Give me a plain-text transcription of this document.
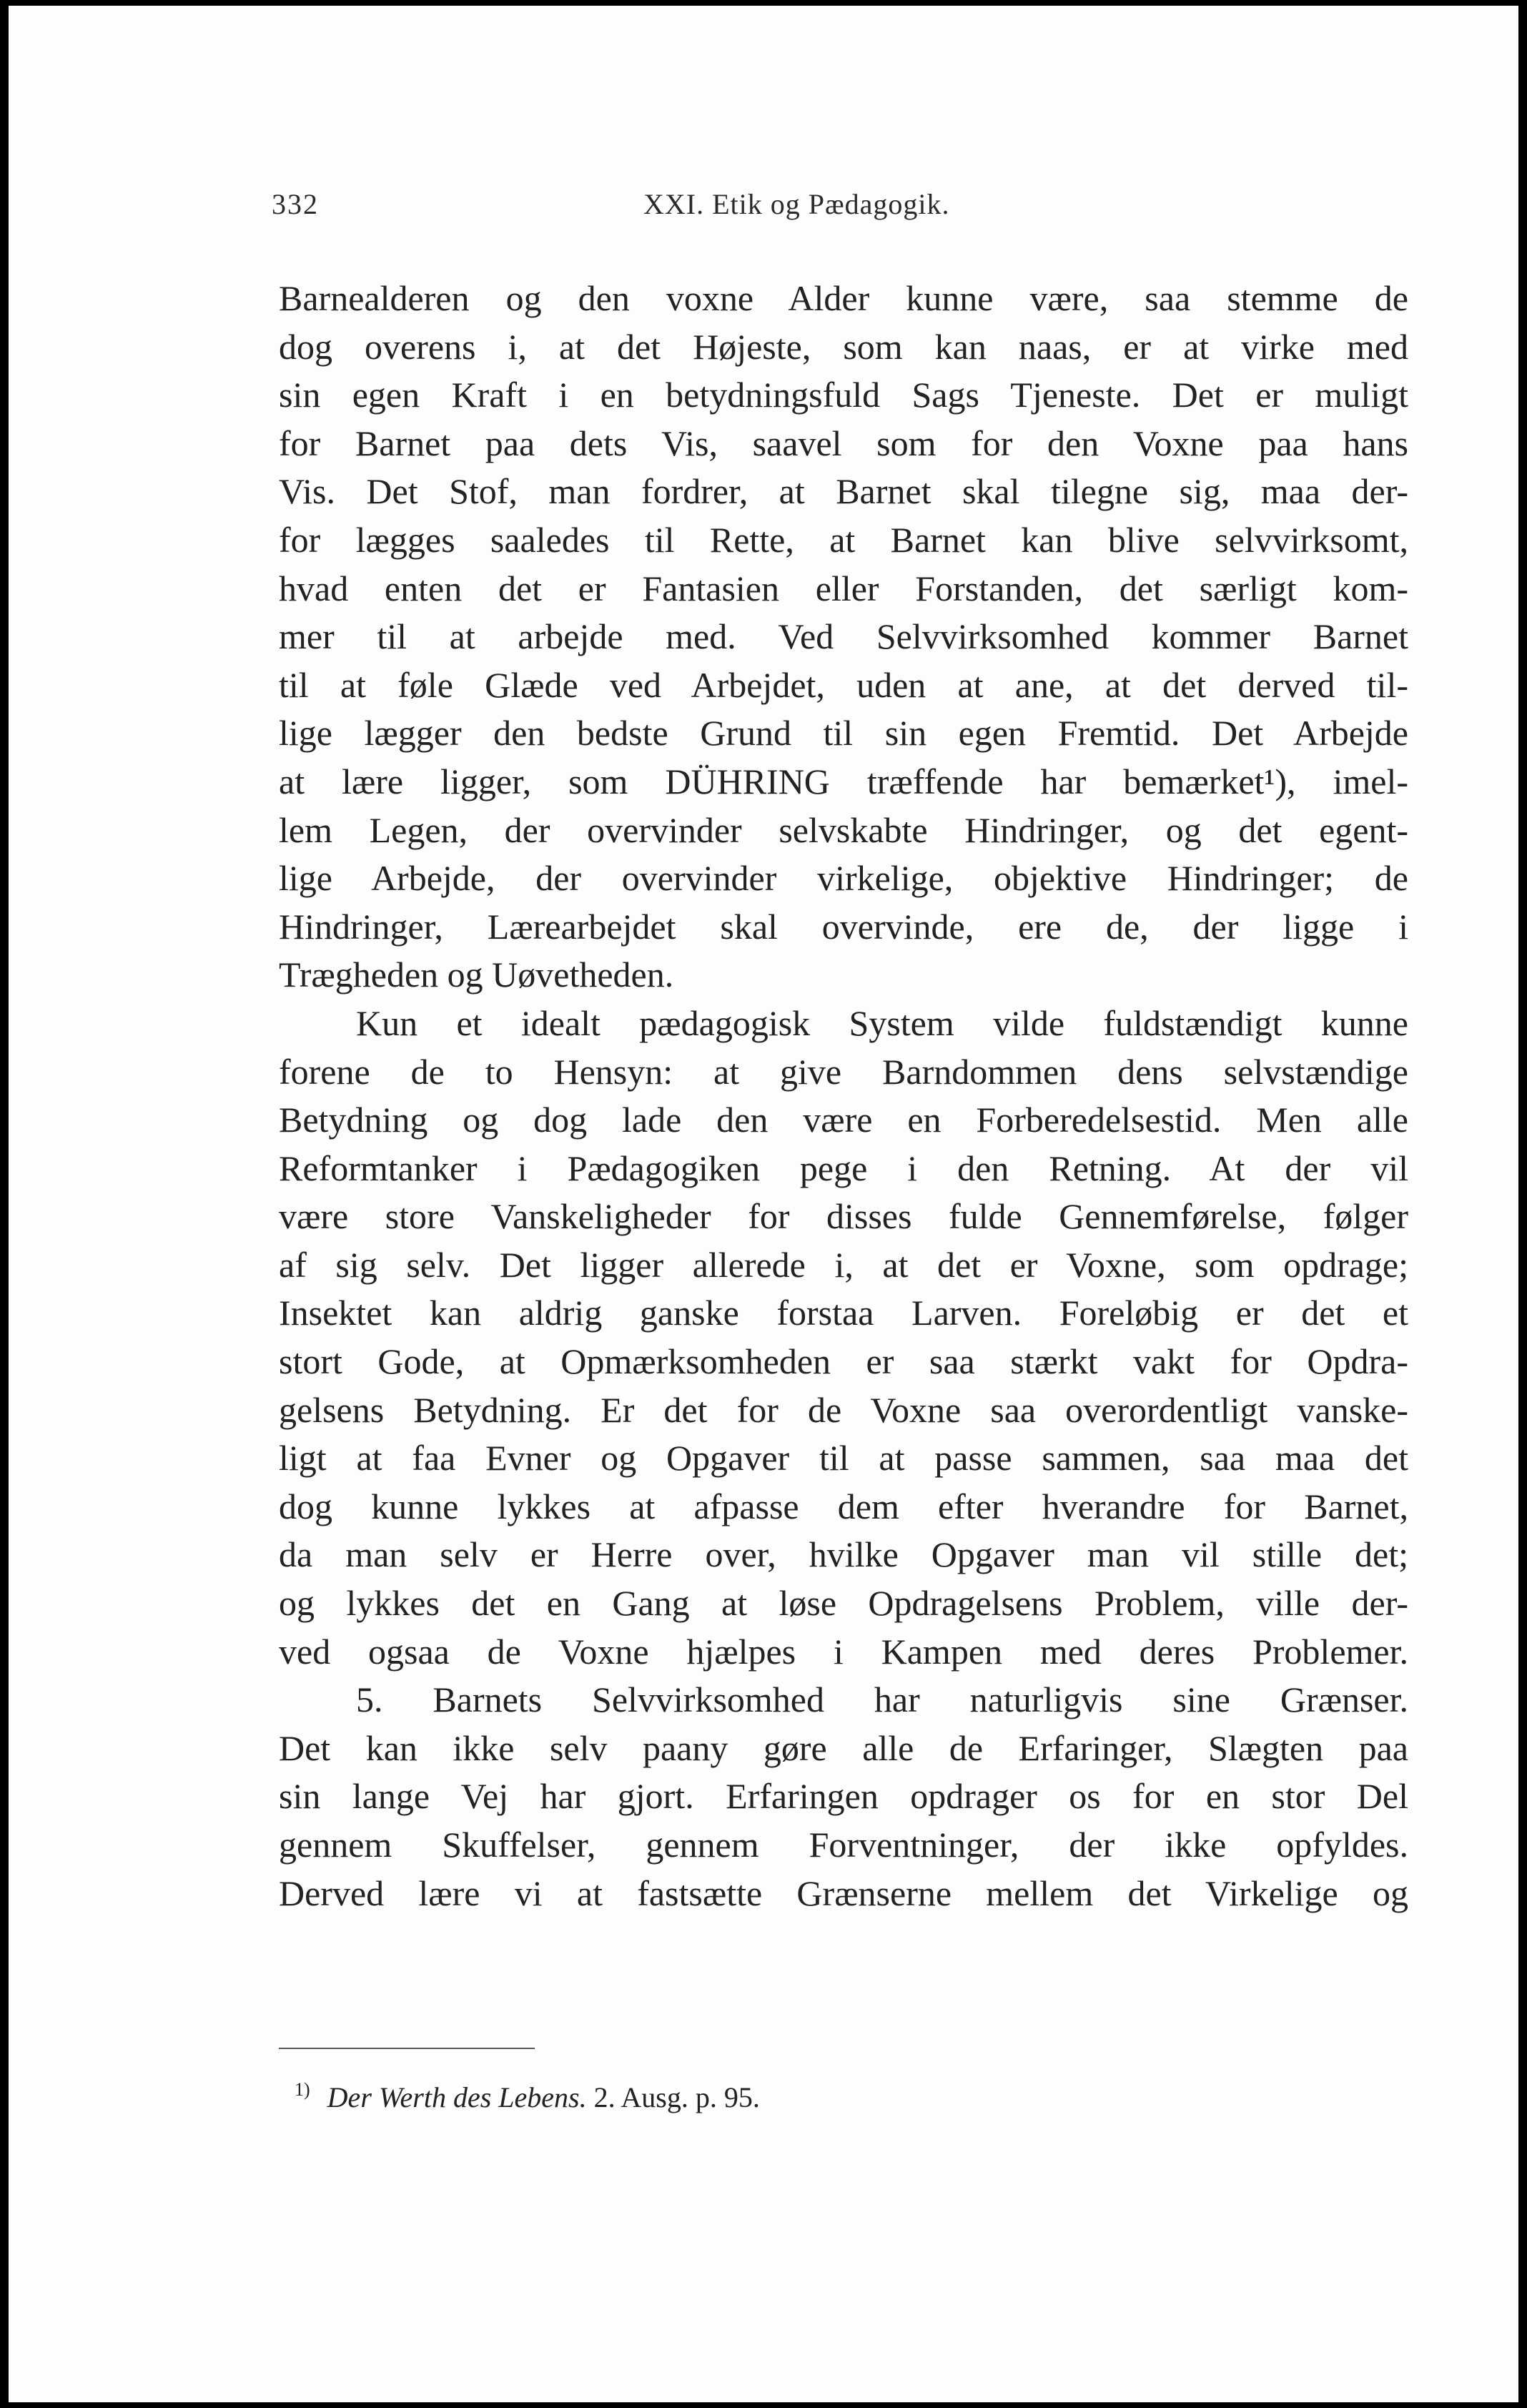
332	XXI. Etik og Pædagogik.
Barnealderen og den voxne Alder kunne være, saa stemme de
dog overens i, at det Højeste, som kan naas, er at virke med
sin egen Kraft i en betydningsfuld Sags Tjeneste. Det er muligt
for Barnet paa dets Vis, saavel som for den Voxne paa hans
Vis. Det Stof, man fordrer, at Barnet skal tilegne sig, maa der-
for lægges saaledes til Rette, at Barnet kan blive selvvirksomt,
hvad enten det er Fantasien eller Forstanden, det særligt kom-
mer til at arbejde med. Ved Selvvirksomhed kommer Barnet
til at føle Glæde ved Arbejdet, uden at ane, at det derved til-
lige lægger den bedste Grund til sin egen Fremtid. Det Arbejde
at lære ligger, som DÜHRING træffende har bemærket¹), imel-
lem Legen, der overvinder selvskabte Hindringer, og det egent-
lige Arbejde, der overvinder virkelige, objektive Hindringer; de
Hindringer, Lærearbejdet skal overvinde, ere de, der ligge i
Trægheden og Uøvetheden.
Kun et idealt pædagogisk System vilde fuldstændigt kunne
forene de to Hensyn: at give Barndommen dens selvstændige
Betydning og dog lade den være en Forberedelsestid. Men alle
Reformtanker i Pædagogiken pege i den Retning. At der vil
være store Vanskeligheder for disses fulde Gennemførelse, følger
af sig selv. Det ligger allerede i, at det er Voxne, som opdrage;
Insektet kan aldrig ganske forstaa Larven. Foreløbig er det et
stort Gode, at Opmærksomheden er saa stærkt vakt for Opdra-
gelsens Betydning. Er det for de Voxne saa overordentligt vanske-
ligt at faa Evner og Opgaver til at passe sammen, saa maa det
dog kunne lykkes at afpasse dem efter hverandre for Barnet,
da man selv er Herre over, hvilke Opgaver man vil stille det;
og lykkes det en Gang at løse Opdragelsens Problem, ville der-
ved ogsaa de Voxne hjælpes i Kampen med deres Problemer.
5. Barnets Selvvirksomhed har naturligvis sine Grænser.
Det kan ikke selv paany gøre alle de Erfaringer, Slægten paa
sin lange Vej har gjort. Erfaringen opdrager os for en stor Del
gennem Skuffelser, gennem Forventninger, der ikke opfyldes.
Derved lære vi at fastsætte Grænserne mellem det Virkelige og
$^{1)}$ Der Werth des Lebens. 2. Ausg. p. 95.
